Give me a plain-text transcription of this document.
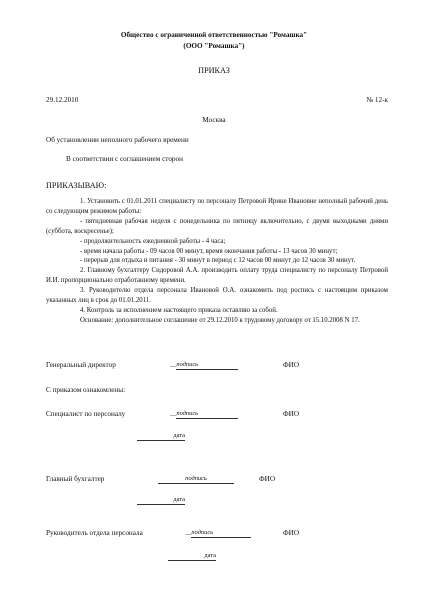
Общество с ограниченной ответственностью "Ромашка"
(ООО "Ромашка")
ПРИКАЗ
29.12.2010	№ 12-к
Москва
Об установлении неполного рабочего времени
В соответствии с соглашением сторон
ПРИКАЗЫВАЮ:

1. Установить с 01.01.2011 специалисту по персоналу Петровой Ирине Ивановне неполный рабочий день со следующим режимом работы:

- пятидневная рабочая неделя с понедельника по пятницу включительно, с двумя выходными днями (суббота, воскресенье);

- продолжительность ежедневной работы - 4 часа;

- время начала работы - 09 часов 00 минут, время окончания работы - 13 часов 30 минут;

- перерыв для отдыха и питания - 30 минут в период с 12 часов 00 минут до 12 часов 30 минут.

2. Главному бухгалтеру Сидоровой А.А. производить оплату труда специалисту по персоналу Петровой И.И. пропорционально отработанному времени.

3. Руководителю отдела персонала Ивановой О.А. ознакомить под роспись с настоящим приказом указанных лиц в срок до 01.01.2011.

4. Контроль за исполнением настоящего приказа оставляю за собой.

Основание: дополнительное соглашение от 29.12.2010 к трудовому договору от 15.10.2008 N 17.

Генеральный директор	__подпись	ФИО
С приказом ознакомлены:
Специалист по персоналу	__подпись	ФИО
дата
Главный бухгалтер	подпись	ФИО
дата
Руководитель отдела персонала	__подпись	ФИО
дата
